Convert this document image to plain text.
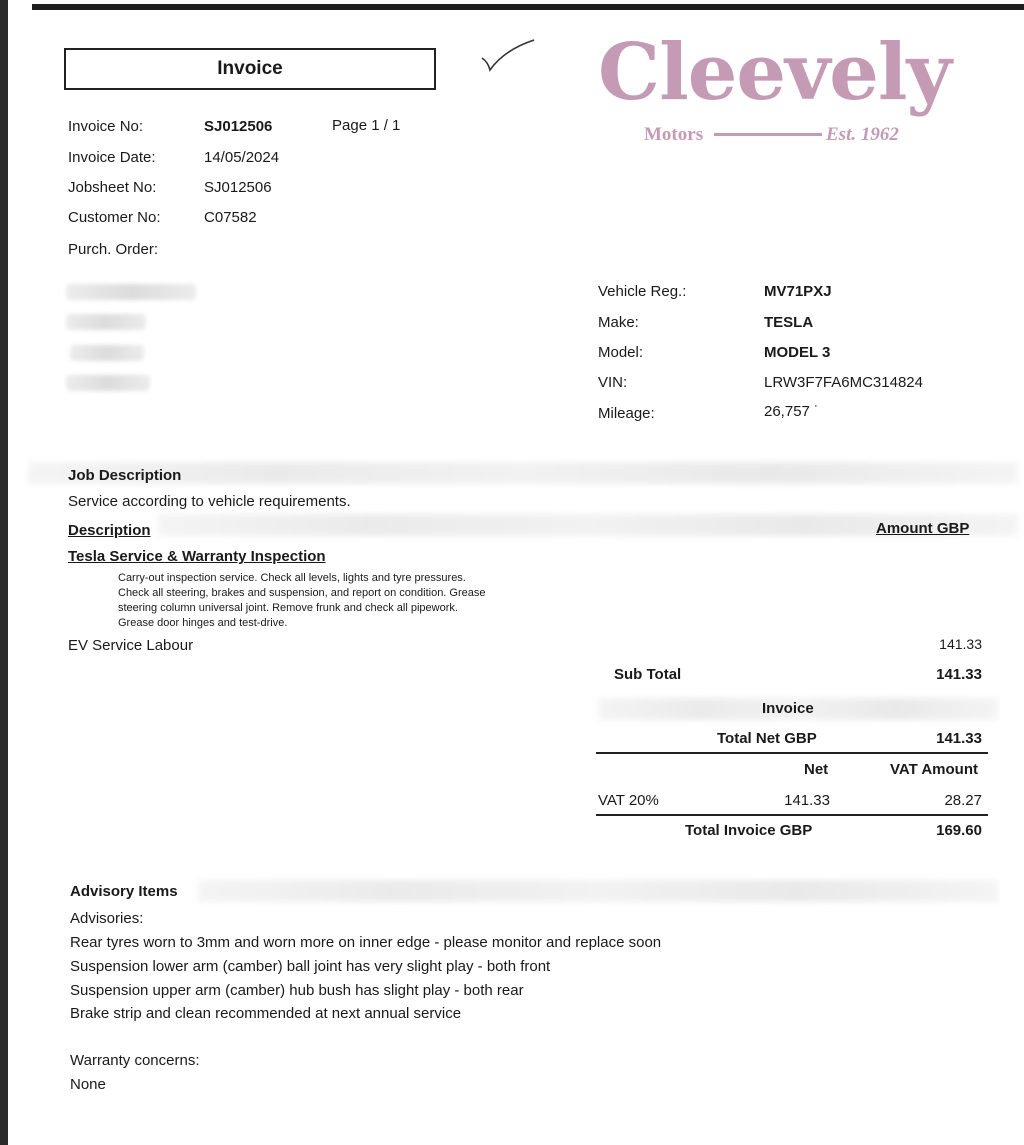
Invoice	Cleevely
Motors	Est. 1962
Invoice No:	SJ012506	Page 1 / 1
Invoice Date:	14/05/2024
Jobsheet No:	SJ012506
Customer No:	C07582
Purch. Order:
Vehicle Reg.:	MV71PXJ
Make:	TESLA
Model:	MODEL 3
VIN:	LRW3F7FA6MC314824
Mileage:	26,757 ˙
Job Description
Service according to vehicle requirements.
Description	Amount GBP
Tesla Service & Warranty Inspection
Carry-out inspection service. Check all levels, lights and tyre pressures.
Check all steering, brakes and suspension, and report on condition. Grease
steering column universal joint. Remove frunk and check all pipework.
Grease door hinges and test-drive.
EV Service Labour	141.33
Sub Total	141.33
Invoice
Total Net GBP	141.33
Net	VAT Amount
VAT 20%	141.33	28.27
Total Invoice GBP	169.60
Advisory Items
Advisories:
Rear tyres worn to 3mm and worn more on inner edge - please monitor and replace soon
Suspension lower arm (camber) ball joint has very slight play - both front
Suspension upper arm (camber) hub bush has slight play - both rear
Brake strip and clean recommended at next annual service
Warranty concerns:
None
